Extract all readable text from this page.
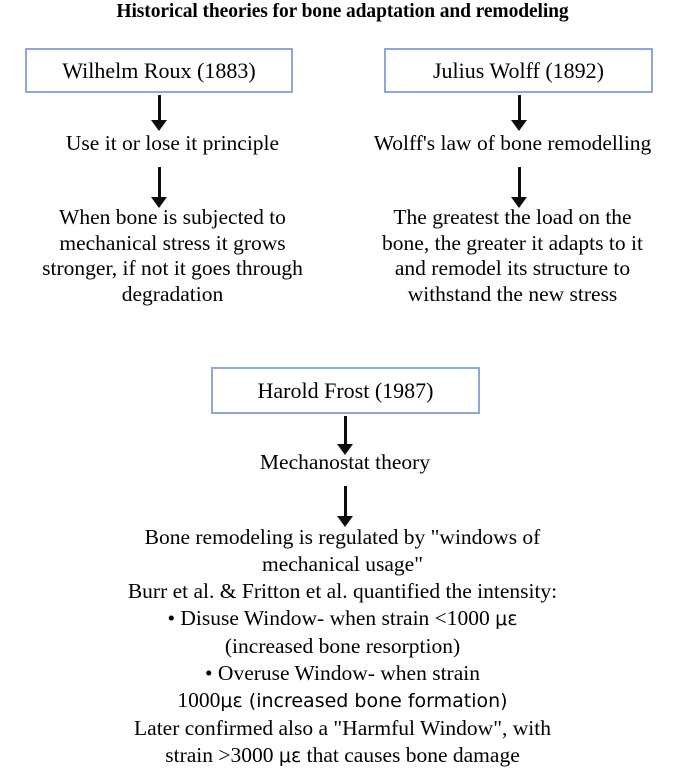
Historical theories for bone adaptation and remodeling
Wilhelm Roux (1883)
Use it or lose it principle
When bone is subjected to
mechanical stress it grows
stronger, if not it goes through
degradation
Julius Wolff (1892)
Wolff's law of bone remodelling
The greatest the load on the
bone, the greater it adapts to it
and remodel its structure to
withstand the new stress
Harold Frost (1987)
Mechanostat theory
Bone remodeling is regulated by "windows of
mechanical usage"
Burr et al. & Fritton et al. quantified the intensity:
• Disuse Window- when strain <1000 μɛ
(increased bone resorption)
• Overuse Window- when strain
1000μɛ (increased bone formation)
Later confirmed also a "Harmful Window", with
strain >3000 μɛ that causes bone damage
